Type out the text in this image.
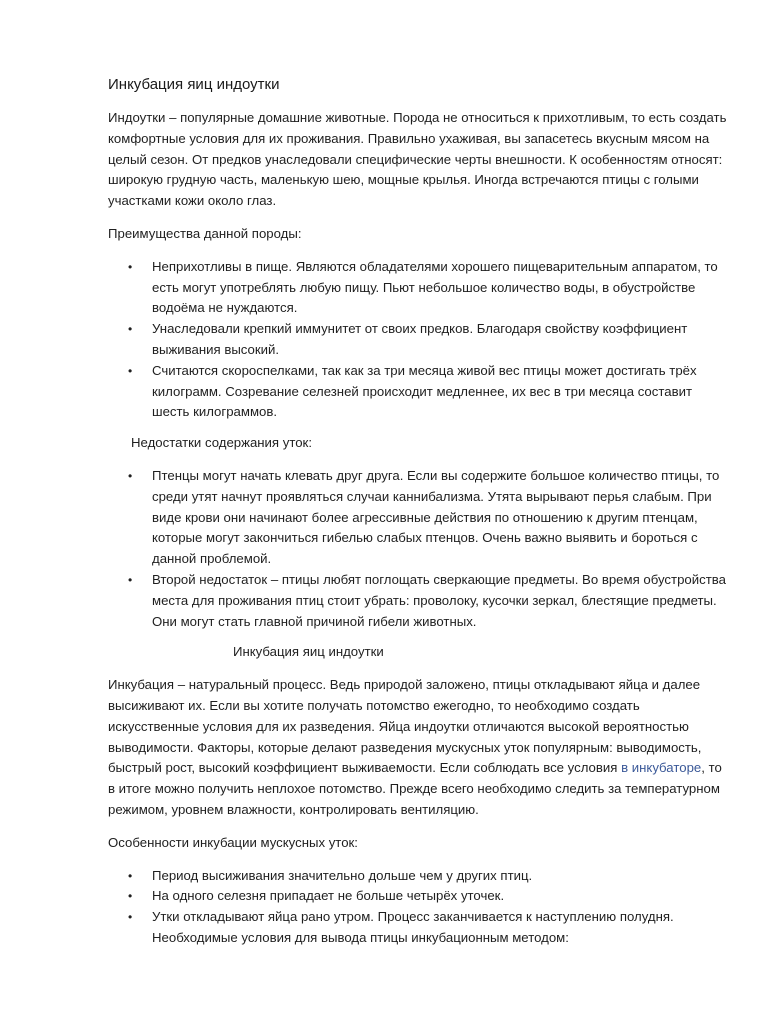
Инкубация яиц индоутки

Индоутки – популярные домашние животные. Порода не относиться к прихотливым, то есть создать комфортные условия для их проживания. Правильно ухаживая, вы запасетесь вкусным мясом на целый сезон. От предков унаследовали специфические черты внешности. К особенностям относят: широкую грудную часть, маленькую шею, мощные крылья. Иногда встречаются птицы с голыми участками кожи около глаз.

Преимущества данной породы:

• Неприхотливы в пище. Являются обладателями хорошего пищеварительным аппаратом, то есть могут употреблять любую пищу. Пьют небольшое количество воды, в обустройстве водоёма не нуждаются.
• Унаследовали крепкий иммунитет от своих предков. Благодаря свойству коэффициент выживания высокий.
• Считаются скороспелками, так как за три месяца живой вес птицы может достигать трёх килограмм. Созревание селезней происходит медленнее, их вес в три месяца составит шесть килограммов.

Недостатки содержания уток:

• Птенцы могут начать клевать друг друга. Если вы содержите большое количество птицы, то среди утят начнут проявляться случаи каннибализма. Утята вырывают перья слабым. При виде крови они начинают более агрессивные действия по отношению к другим птенцам, которые могут закончиться гибелью слабых птенцов. Очень важно выявить и бороться с данной проблемой.
• Второй недостаток – птицы любят поглощать сверкающие предметы. Во время обустройства места для проживания птиц стоит убрать: проволоку, кусочки зеркал, блестящие предметы. Они могут стать главной причиной гибели животных.

Инкубация яиц индоутки

Инкубация – натуральный процесс. Ведь природой заложено, птицы откладывают яйца и далее высиживают их. Если вы хотите получать потомство ежегодно, то необходимо создать искусственные условия для их разведения. Яйца индоутки отличаются высокой вероятностью выводимости. Факторы, которые делают разведения мускусных уток популярным: выводимость, быстрый рост, высокий коэффициент выживаемости. Если соблюдать все условия в инкубаторе, то в итоге можно получить неплохое потомство. Прежде всего необходимо следить за температурном режимом, уровнем влажности, контролировать вентиляцию.

Особенности инкубации мускусных уток:

• Период высиживания значительно дольше чем у других птиц.
• На одного селезня припадает не больше четырёх уточек.
• Утки откладывают яйца рано утром. Процесс заканчивается к наступлению полудня. Необходимые условия для вывода птицы инкубационным методом:
